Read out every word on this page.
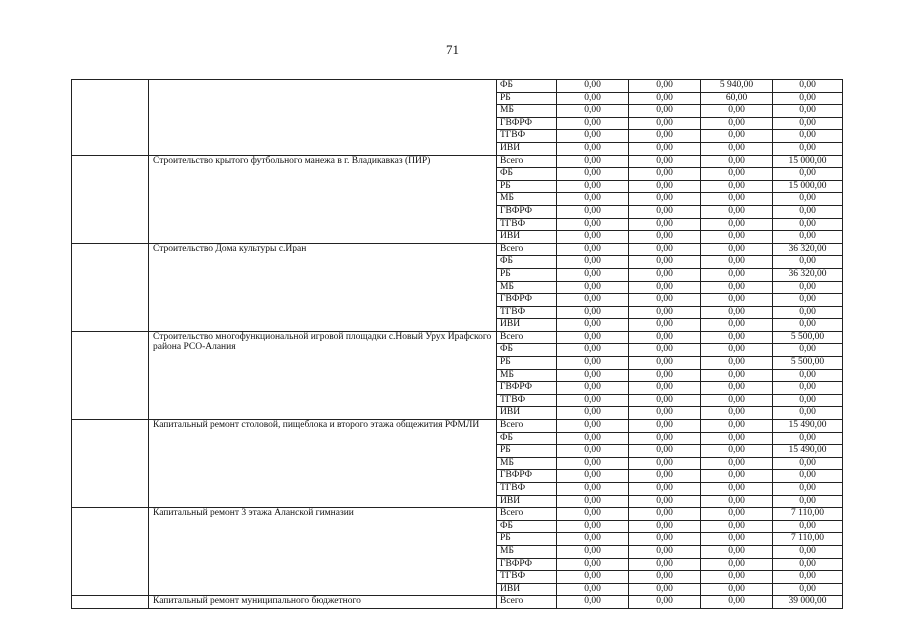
71
		ФБ	0,00	0,00	5 940,00	0,00
		РБ	0,00	0,00	60,00	0,00
		МБ	0,00	0,00	0,00	0,00
		ГВФРФ	0,00	0,00	0,00	0,00
		ТГВФ	0,00	0,00	0,00	0,00
		ИВИ	0,00	0,00	0,00	0,00
	Строительство крытого футбольного манежа в г. Владикавказ (ПИР)	Всего	0,00	0,00	0,00	15 000,00
		ФБ	0,00	0,00	0,00	0,00
		РБ	0,00	0,00	0,00	15 000,00
		МБ	0,00	0,00	0,00	0,00
		ГВФРФ	0,00	0,00	0,00	0,00
		ТГВФ	0,00	0,00	0,00	0,00
		ИВИ	0,00	0,00	0,00	0,00
	Строительство Дома культуры с.Иран	Всего	0,00	0,00	0,00	36 320,00
		ФБ	0,00	0,00	0,00	0,00
		РБ	0,00	0,00	0,00	36 320,00
		МБ	0,00	0,00	0,00	0,00
		ГВФРФ	0,00	0,00	0,00	0,00
		ТГВФ	0,00	0,00	0,00	0,00
		ИВИ	0,00	0,00	0,00	0,00
	Строительство многофункциональной игровой площадки с.Новый Урух Ирафского района РСО-Алания	Всего	0,00	0,00	0,00	5 500,00
		ФБ	0,00	0,00	0,00	0,00
		РБ	0,00	0,00	0,00	5 500,00
		МБ	0,00	0,00	0,00	0,00
		ГВФРФ	0,00	0,00	0,00	0,00
		ТГВФ	0,00	0,00	0,00	0,00
		ИВИ	0,00	0,00	0,00	0,00
	Капитальный ремонт столовой, пищеблока и второго этажа общежития РФМЛИ	Всего	0,00	0,00	0,00	15 490,00
		ФБ	0,00	0,00	0,00	0,00
		РБ	0,00	0,00	0,00	15 490,00
		МБ	0,00	0,00	0,00	0,00
		ГВФРФ	0,00	0,00	0,00	0,00
		ТГВФ	0,00	0,00	0,00	0,00
		ИВИ	0,00	0,00	0,00	0,00
	Капитальный ремонт 3 этажа Аланской гимназии	Всего	0,00	0,00	0,00	7 110,00
		ФБ	0,00	0,00	0,00	0,00
		РБ	0,00	0,00	0,00	7 110,00
		МБ	0,00	0,00	0,00	0,00
		ГВФРФ	0,00	0,00	0,00	0,00
		ТГВФ	0,00	0,00	0,00	0,00
		ИВИ	0,00	0,00	0,00	0,00
	Капитальный ремонт муниципального бюджетного	Всего	0,00	0,00	0,00	39 000,00
